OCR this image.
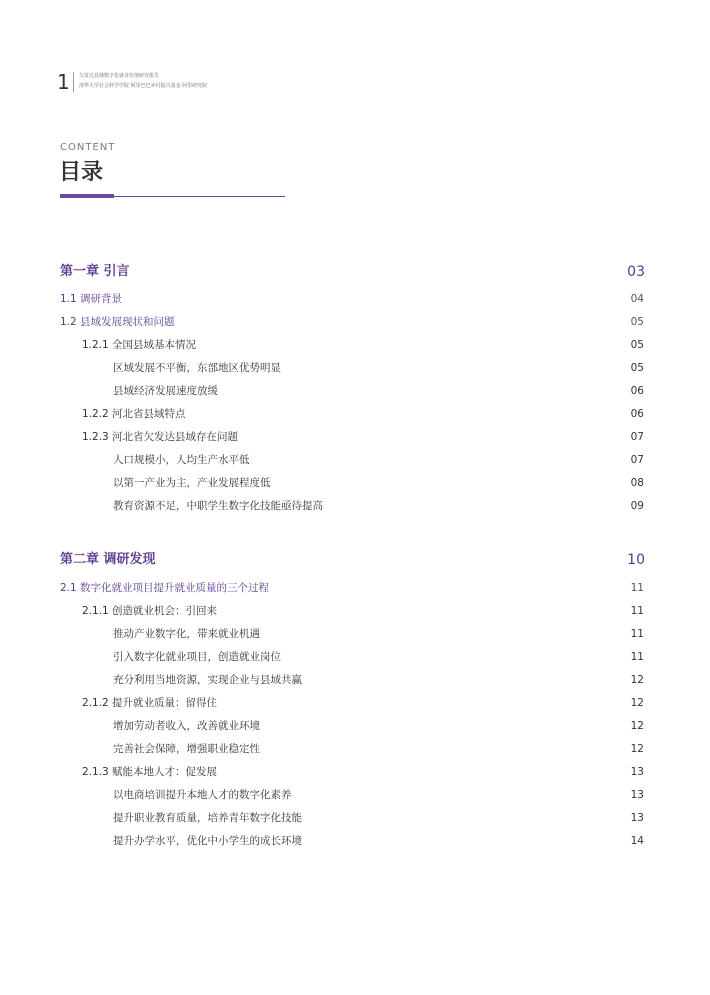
1 欠发达县域数字化就业价值研究报告
清华大学社会科学学院 阿里巴巴乡村振兴基金 阿里研究院
CONTENT
目录
第一章 引言	03
1.1 调研背景	04
1.2 县域发展现状和问题	05
1.2.1 全国县域基本情况	05
区域发展不平衡，东部地区优势明显	05
县域经济发展速度放缓	06
1.2.2 河北省县域特点	06
1.2.3 河北省欠发达县域存在问题	07
人口规模小，人均生产水平低	07
以第一产业为主，产业发展程度低	08
教育资源不足，中职学生数字化技能亟待提高	09
第二章 调研发现	10
2.1 数字化就业项目提升就业质量的三个过程	11
2.1.1 创造就业机会：引回来	11
推动产业数字化，带来就业机遇	11
引入数字化就业项目，创造就业岗位	11
充分利用当地资源，实现企业与县域共赢	12
2.1.2 提升就业质量：留得住	12
增加劳动者收入，改善就业环境	12
完善社会保障，增强职业稳定性	12
2.1.3 赋能本地人才：促发展	13
以电商培训提升本地人才的数字化素养	13
提升职业教育质量，培养青年数字化技能	13
提升办学水平，优化中小学生的成长环境	14
